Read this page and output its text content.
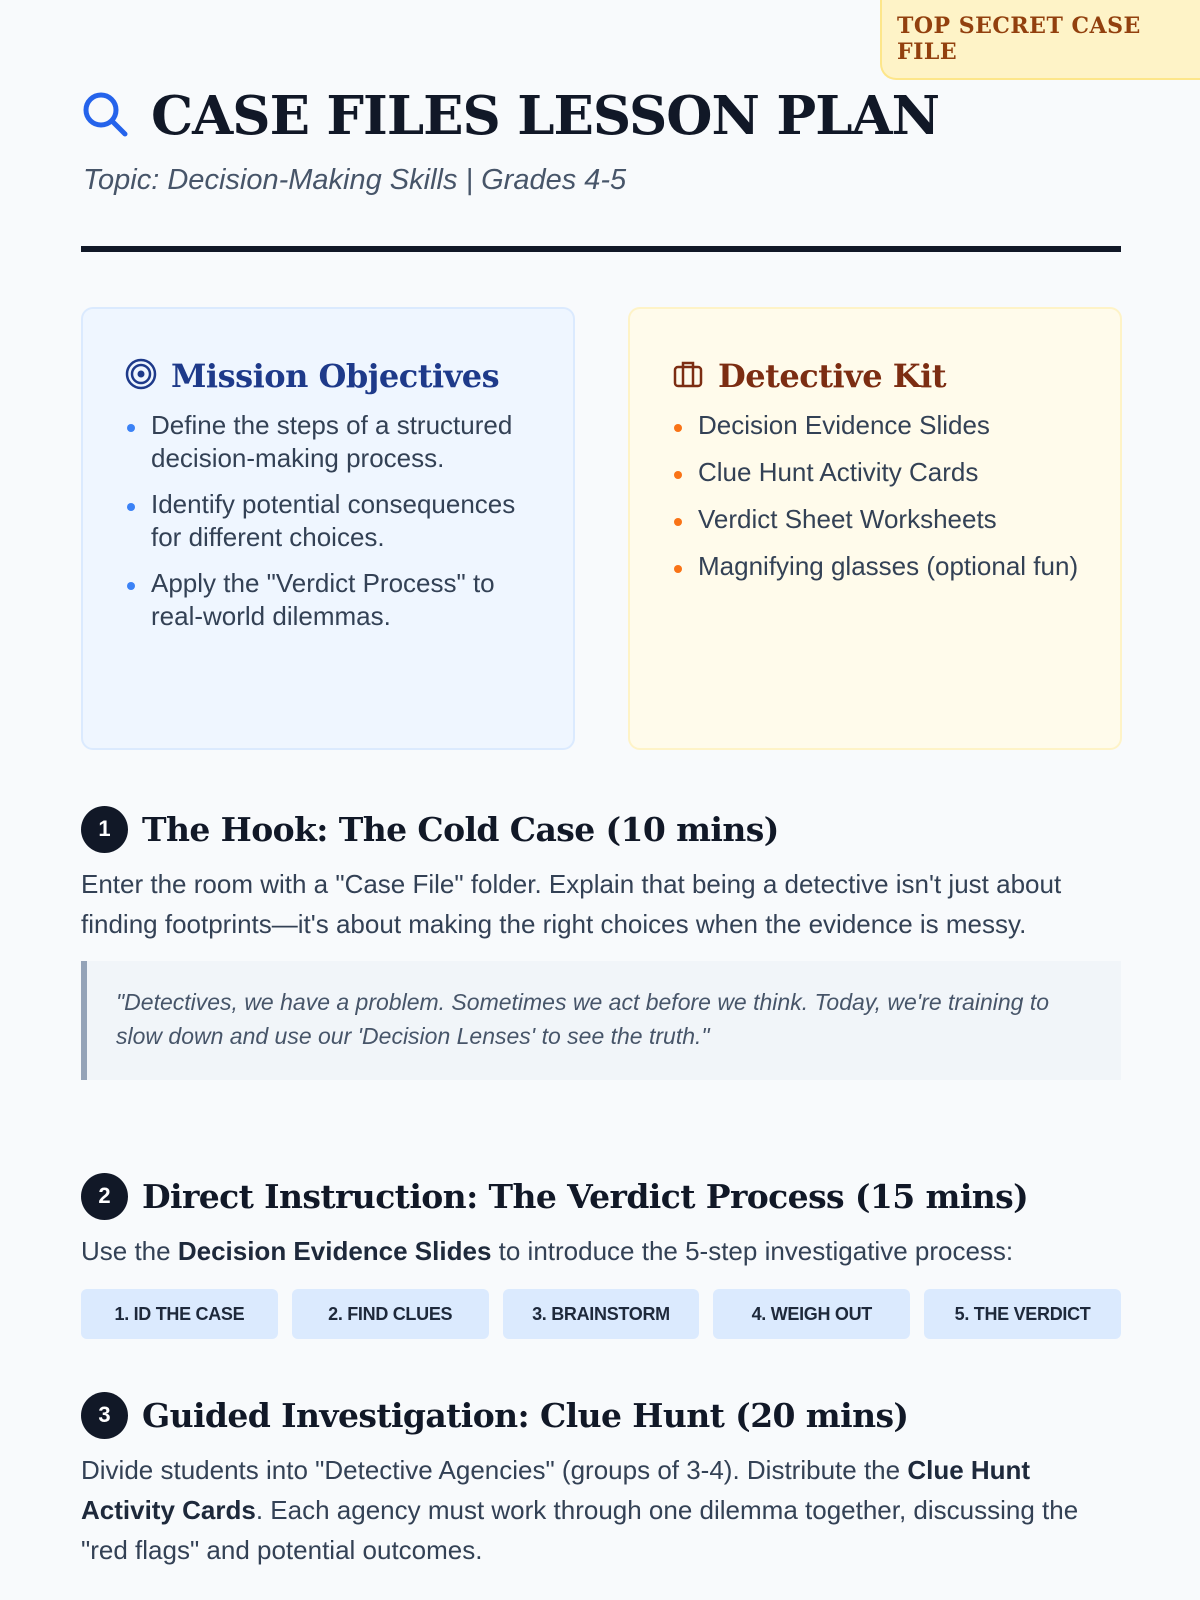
TOP SECRET CASE FILE
CASE FILES LESSON PLAN
Topic: Decision-Making Skills | Grades 4-5
Mission Objectives
Define the steps of a structured decision-making process.
Identify potential consequences for different choices.
Apply the "Verdict Process" to real-world dilemmas.
Detective Kit
Decision Evidence Slides
Clue Hunt Activity Cards
Verdict Sheet Worksheets
Magnifying glasses (optional fun)
1 The Hook: The Cold Case (10 mins)

Enter the room with a "Case File" folder. Explain that being a detective isn't just about finding footprints—it's about making the right choices when the evidence is messy.

"Detectives, we have a problem. Sometimes we act before we think. Today, we're training to slow down and use our 'Decision Lenses' to see the truth."

2 Direct Instruction: The Verdict Process (15 mins)

Use the Decision Evidence Slides to introduce the 5-step investigative process:

1. ID THE CASE	2. FIND CLUES	3. BRAINSTORM	4. WEIGH OUT	5. THE VERDICT
3 Guided Investigation: Clue Hunt (20 mins)

Divide students into "Detective Agencies" (groups of 3-4). Distribute the Clue Hunt Activity Cards. Each agency must work through one dilemma together, discussing the "red flags" and potential outcomes.
